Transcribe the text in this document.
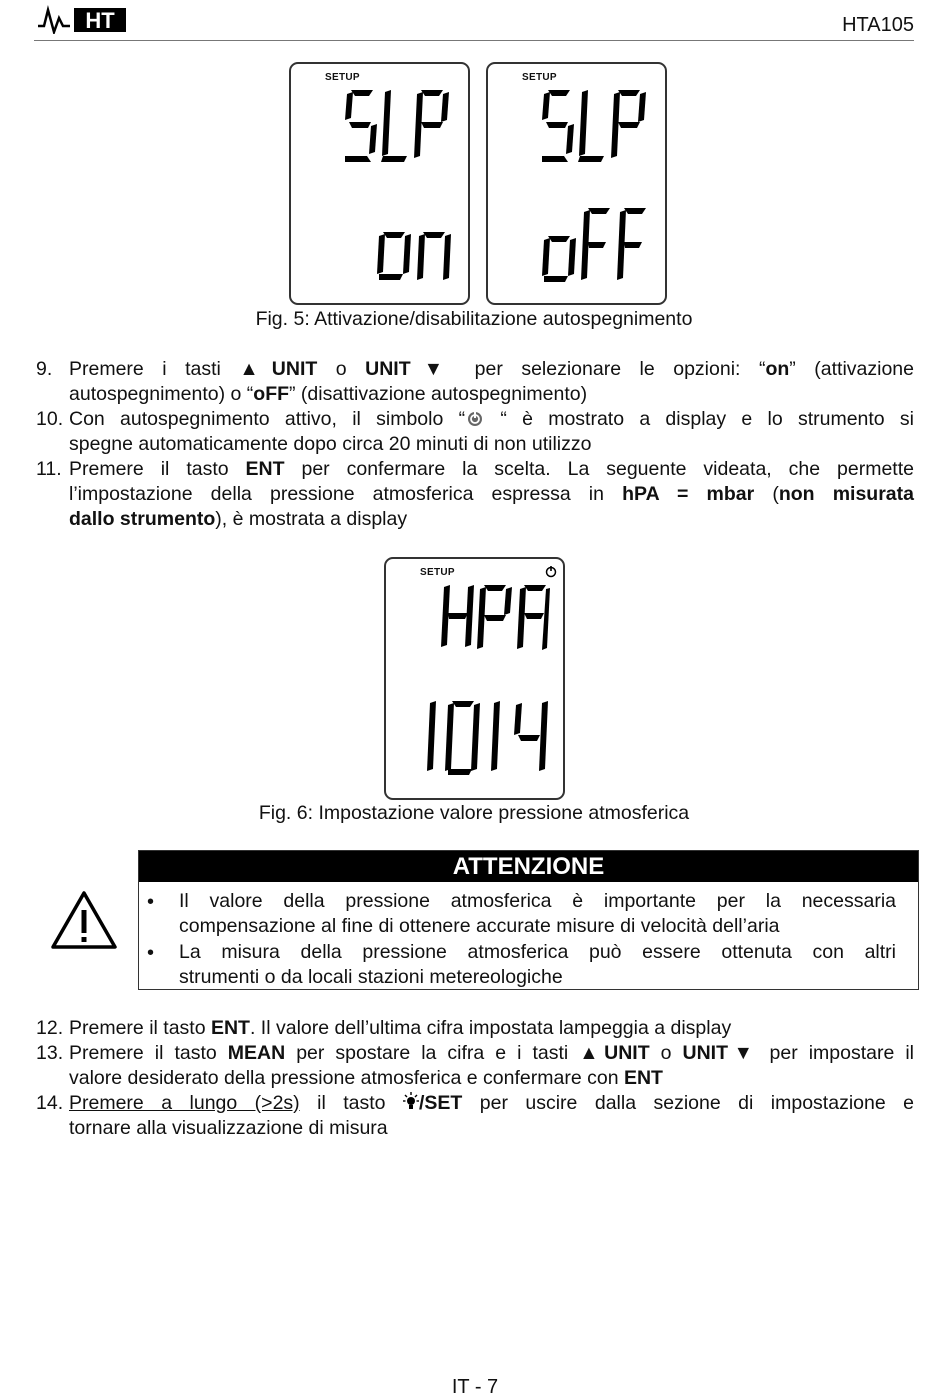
HT	HTA105
SETUP	SETUP
Fig. 5: Attivazione/disabilitazione autospegnimento
9. Premere i tasti ▲UNIT o UNIT▼ per selezionare le opzioni: “on” (attivazione
autospegnimento) o “oFF” (disattivazione autospegnimento)
10. Con autospegnimento attivo, il simbolo “ “ è mostrato a display e lo strumento si
spegne automaticamente dopo circa 20 minuti di non utilizzo
11. Premere il tasto ENT per confermare la scelta. La seguente videata, che permette
l’impostazione della pressione atmosferica espressa in hPA = mbar (non misurata
dallo strumento), è mostrata a display
SETUP
Fig. 6: Impostazione valore pressione atmosferica
ATTENZIONE
• Il valore della pressione atmosferica è importante per la necessaria
compensazione al fine di ottenere accurate misure di velocità dell’aria
• La misura della pressione atmosferica può essere ottenuta con altri
strumenti o da locali stazioni metereologiche
12. Premere il tasto ENT. Il valore dell’ultima cifra impostata lampeggia a display
13. Premere il tasto MEAN per spostare la cifra e i tasti ▲UNIT o UNIT▼ per impostare il
valore desiderato della pressione atmosferica e confermare con ENT
14. Premere a lungo (>2s) il tasto /SET per uscire dalla sezione di impostazione e
tornare alla visualizzazione di misura
IT - 7
